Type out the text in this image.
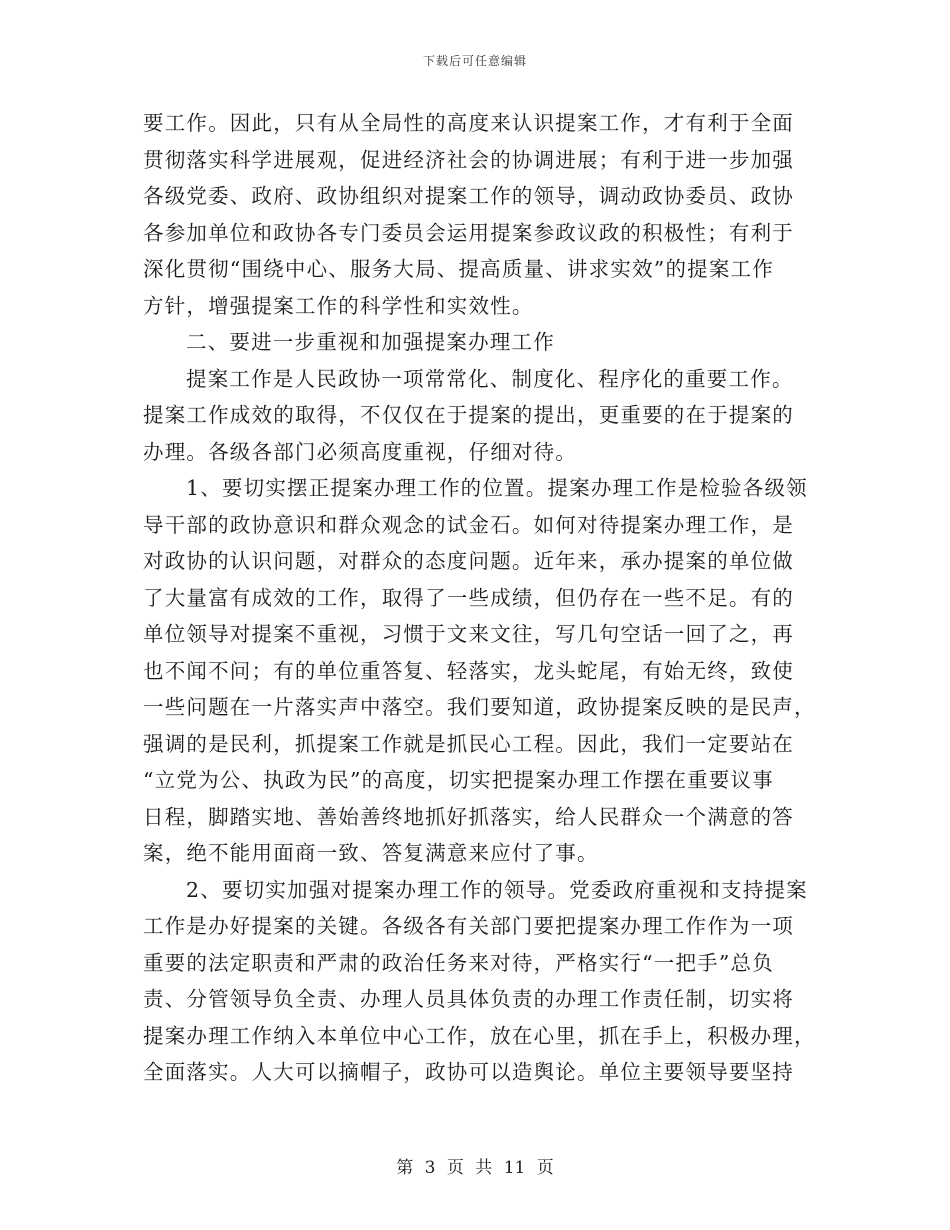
下载后可任意编辑

要工作。因此，只有从全局性的高度来认识提案工作，才有利于全面
贯彻落实科学进展观，促进经济社会的协调进展；有利于进一步加强
各级党委、政府、政协组织对提案工作的领导，调动政协委员、政协
各参加单位和政协各专门委员会运用提案参政议政的积极性；有利于
深化贯彻“围绕中心、服务大局、提高质量、讲求实效”的提案工作
方针，增强提案工作的科学性和实效性。

二、要进一步重视和加强提案办理工作

提案工作是人民政协一项常常化、制度化、程序化的重要工作。
提案工作成效的取得，不仅仅在于提案的提出，更重要的在于提案的
办理。各级各部门必须高度重视，仔细对待。

1、要切实摆正提案办理工作的位置。提案办理工作是检验各级领
导干部的政协意识和群众观念的试金石。如何对待提案办理工作，是
对政协的认识问题，对群众的态度问题。近年来，承办提案的单位做
了大量富有成效的工作，取得了一些成绩，但仍存在一些不足。有的
单位领导对提案不重视，习惯于文来文往，写几句空话一回了之，再
也不闻不问；有的单位重答复、轻落实，龙头蛇尾，有始无终，致使
一些问题在一片落实声中落空。我们要知道，政协提案反映的是民声，
强调的是民利，抓提案工作就是抓民心工程。因此，我们一定要站在
“立党为公、执政为民”的高度，切实把提案办理工作摆在重要议事
日程，脚踏实地、善始善终地抓好抓落实，给人民群众一个满意的答
案，绝不能用面商一致、答复满意来应付了事。

2、要切实加强对提案办理工作的领导。党委政府重视和支持提案
工作是办好提案的关键。各级各有关部门要把提案办理工作作为一项
重要的法定职责和严肃的政治任务来对待，严格实行“一把手”总负
责、分管领导负全责、办理人员具体负责的办理工作责任制，切实将
提案办理工作纳入本单位中心工作，放在心里，抓在手上，积极办理，
全面落实。人大可以摘帽子，政协可以造舆论。单位主要领导要坚持

第 3 页 共 11 页
